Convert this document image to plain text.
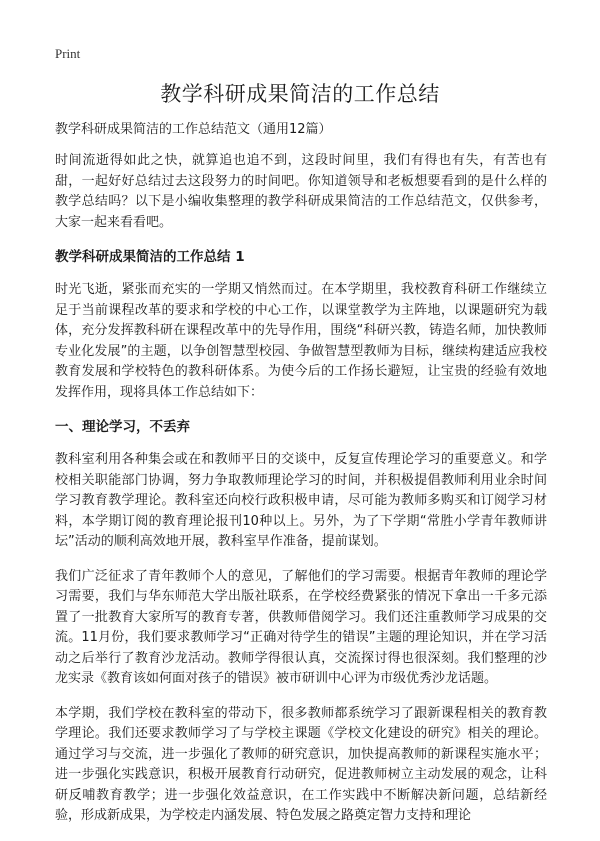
Print
教学科研成果简洁的工作总结
教学科研成果简洁的工作总结范文（通用12篇）

时间流逝得如此之快，就算追也追不到，这段时间里，我们有得也有失，有苦也有甜，一起好好总结过去这段努力的时间吧。你知道领导和老板想要看到的是什么样的教学总结吗？以下是小编收集整理的教学科研成果简洁的工作总结范文，仅供参考，大家一起来看看吧。

教学科研成果简洁的工作总结 1

时光飞逝，紧张而充实的一学期又悄然而过。在本学期里，我校教育科研工作继续立足于当前课程改革的要求和学校的中心工作，以课堂教学为主阵地，以课题研究为载体，充分发挥教科研在课程改革中的先导作用，围绕“科研兴教，铸造名师，加快教师专业化发展”的主题，以争创智慧型校园、争做智慧型教师为目标，继续构建适应我校教育发展和学校特色的教科研体系。为使今后的工作扬长避短，让宝贵的经验有效地发挥作用，现将具体工作总结如下：

一、理论学习，不丢弃

教科室利用各种集会或在和教师平日的交谈中，反复宣传理论学习的重要意义。和学校相关职能部门协调，努力争取教师理论学习的时间，并积极提倡教师利用业余时间学习教育教学理论。教科室还向校行政积极申请，尽可能为教师多购买和订阅学习材料，本学期订阅的教育理论报刊10种以上。另外，为了下学期“常胜小学青年教师讲坛”活动的顺利高效地开展，教科室早作准备，提前谋划。

我们广泛征求了青年教师个人的意见，了解他们的学习需要。根据青年教师的理论学习需要，我们与华东师范大学出版社联系，在学校经费紧张的情况下拿出一千多元添置了一批教育大家所写的教育专著，供教师借阅学习。我们还注重教师学习成果的交流。11月份，我们要求教师学习“正确对待学生的错误”主题的理论知识，并在学习活动之后举行了教育沙龙活动。教师学得很认真，交流探讨得也很深刻。我们整理的沙龙实录《教育该如何面对孩子的错误》被市研训中心评为市级优秀沙龙话题。

本学期，我们学校在教科室的带动下，很多教师都系统学习了跟新课程相关的教育教学理论。我们还要求教师学习了与学校主课题《学校文化建设的研究》相关的理论。通过学习与交流，进一步强化了教师的研究意识，加快提高教师的新课程实施水平；进一步强化实践意识，积极开展教育行动研究，促进教师树立主动发展的观念，让科研反哺教育教学；进一步强化效益意识，在工作实践中不断解决新问题，总结新经验，形成新成果，为学校走内涵发展、特色发展之路奠定智力支持和理论
